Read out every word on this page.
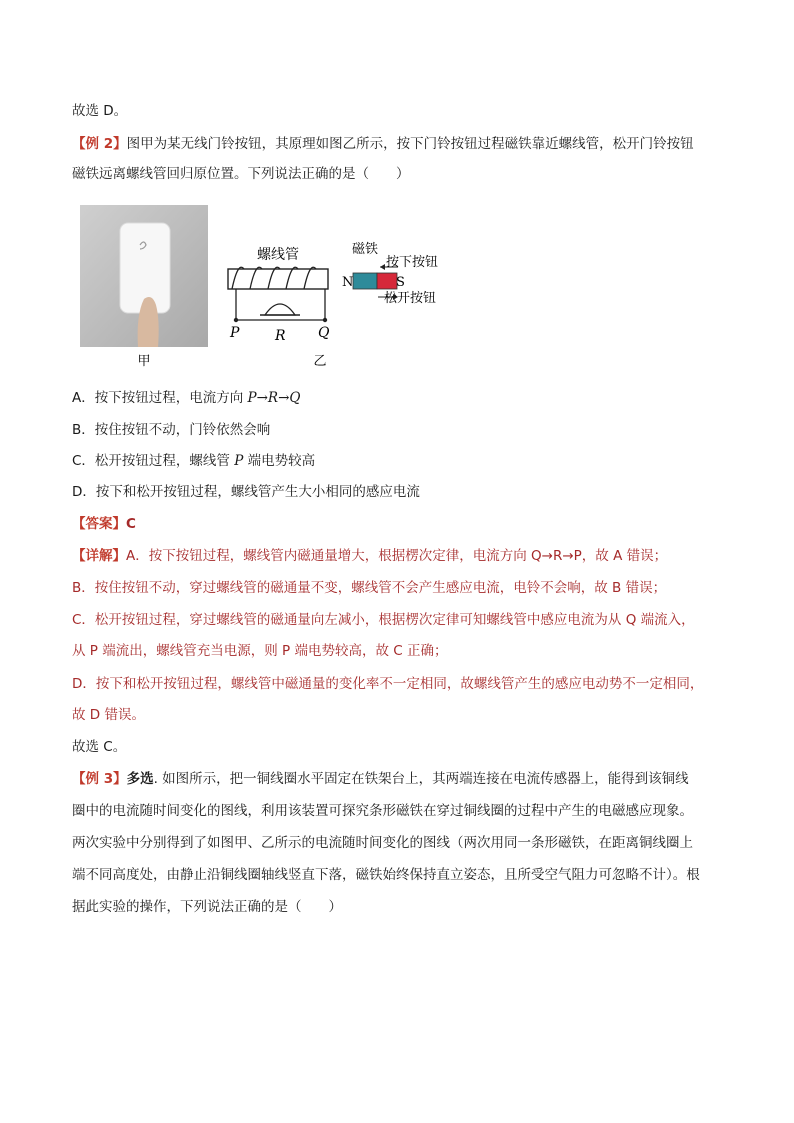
故选 D。
【例 2】图甲为某无线门铃按钮，其原理如图乙所示，按下门铃按钮过程磁铁靠近螺线管，松开门铃按钮
磁铁远离螺线管回归原位置。下列说法正确的是（　　）
甲
螺线管
P	R Q
乙
磁铁
N	S
按下按钮
松开按钮
A．按下按钮过程，电流方向 P→R→Q
B．按住按钮不动，门铃依然会响
C．松开按钮过程，螺线管 P 端电势较高
D．按下和松开按钮过程，螺线管产生大小相同的感应电流
【答案】C
【详解】A．按下按钮过程，螺线管内磁通量增大，根据楞次定律，电流方向 Q→R→P，故 A 错误；
B．按住按钮不动，穿过螺线管的磁通量不变，螺线管不会产生感应电流，电铃不会响，故 B 错误；
C．松开按钮过程，穿过螺线管的磁通量向左减小，根据楞次定律可知螺线管中感应电流为从 Q 端流入，
从 P 端流出，螺线管充当电源，则 P 端电势较高，故 C 正确；
D．按下和松开按钮过程，螺线管中磁通量的变化率不一定相同，故螺线管产生的感应电动势不一定相同，
故 D 错误。
故选 C。
【例 3】多选. 如图所示，把一铜线圈水平固定在铁架台上，其两端连接在电流传感器上，能得到该铜线
圈中的电流随时间变化的图线，利用该装置可探究条形磁铁在穿过铜线圈的过程中产生的电磁感应现象。
两次实验中分别得到了如图甲、乙所示的电流随时间变化的图线（两次用同一条形磁铁，在距离铜线圈上
端不同高度处，由静止沿铜线圈轴线竖直下落，磁铁始终保持直立姿态，且所受空气阻力可忽略不计）。根
据此实验的操作，下列说法正确的是（　　）
